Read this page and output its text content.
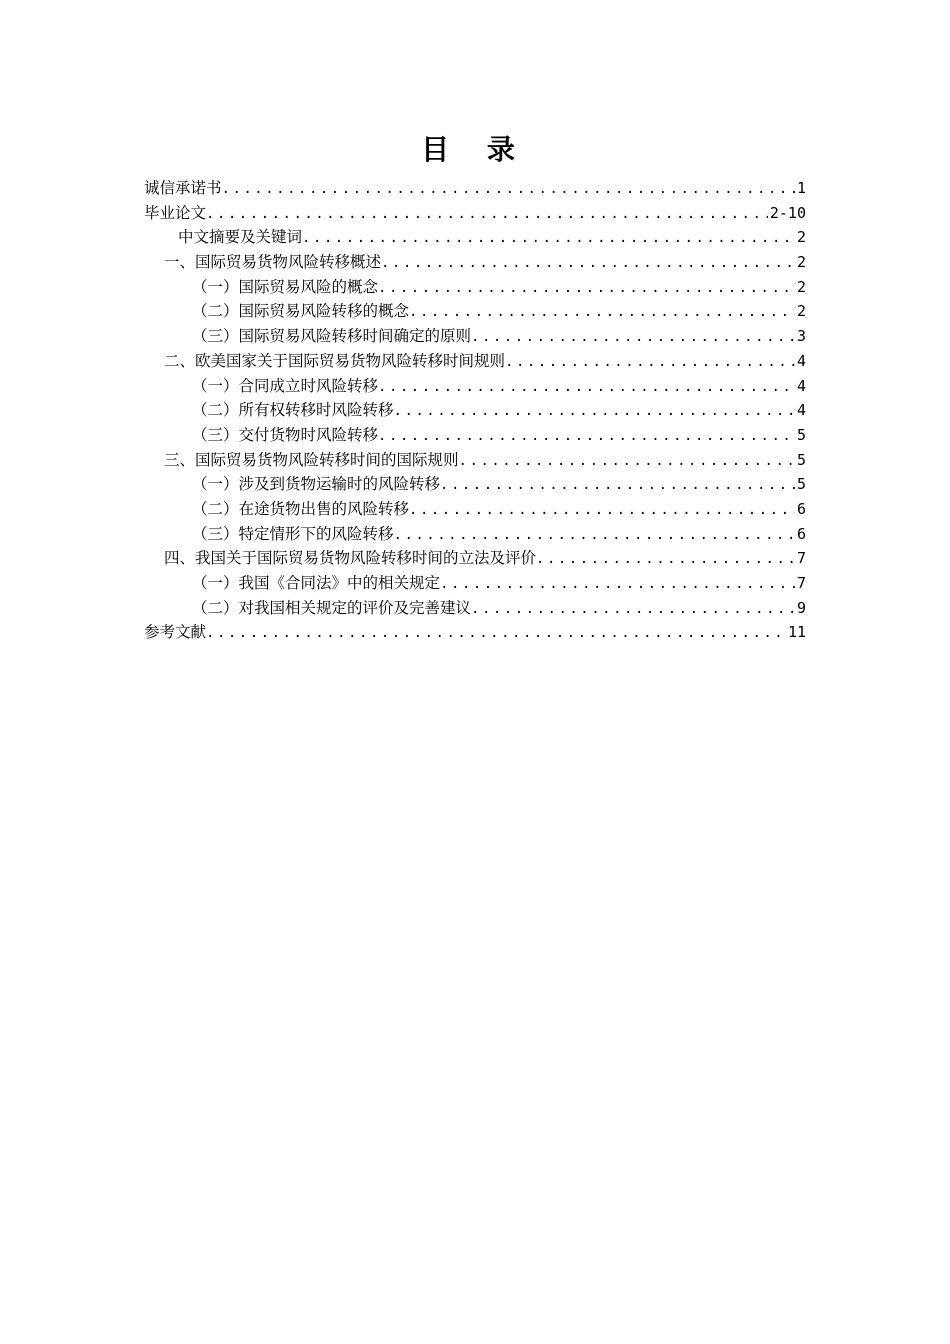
目 录
诚信承诺书 .....	1
毕业论文 .....	2-10
中文摘要及关键词 .....	2
一、国际贸易货物风险转移概述 .....	2
（一）国际贸易风险的概念 .....	2
（二）国际贸易风险转移的概念 .....	2
（三）国际贸易风险转移时间确定的原则 .....	3
二、欧美国家关于国际贸易货物风险转移时间规则 .....	4
（一）合同成立时风险转移 .....	4
（二）所有权转移时风险转移 .....	4
（三）交付货物时风险转移 .....	5
三、国际贸易货物风险转移时间的国际规则 .....	5
（一）涉及到货物运输时的风险转移 .....	5
（二）在途货物出售的风险转移 .....	6
（三）特定情形下的风险转移 .....	6
四、我国关于国际贸易货物风险转移时间的立法及评价 .....	7
（一）我国《合同法》中的相关规定 .....	7
（二）对我国相关规定的评价及完善建议 .....	9
参考文献 .....	11
